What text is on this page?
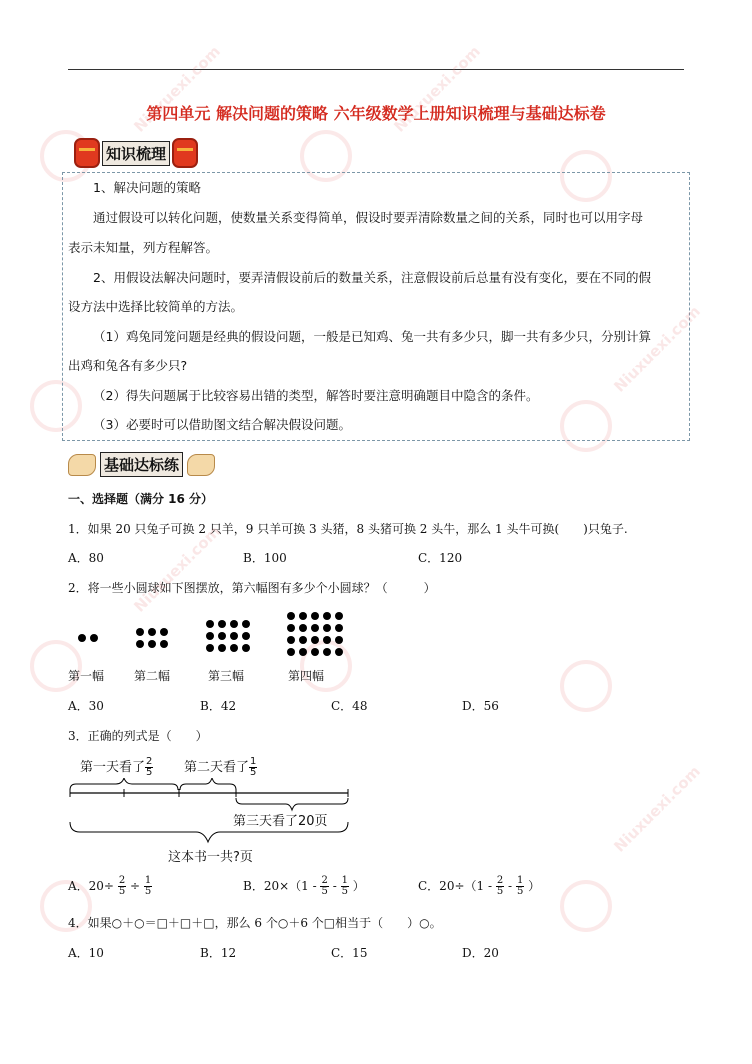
第四单元 解决问题的策略 六年级数学上册知识梳理与基础达标卷
知识梳理
1、解决问题的策略
通过假设可以转化问题，使数量关系变得简单，假设时要弄清除数量之间的关系，同时也可以用字母
表示未知量，列方程解答。
2、用假设法解决问题时，要弄清假设前后的数量关系，注意假设前后总量有没有变化，要在不同的假
设方法中选择比较简单的方法。
（1）鸡兔同笼问题是经典的假设问题，一般是已知鸡、兔一共有多少只，脚一共有多少只，分别计算
出鸡和兔各有多少只?
（2）得失问题属于比较容易出错的类型，解答时要注意明确题目中隐含的条件。
（3）必要时可以借助图文结合解决假设问题。
基础达标练
一、选择题（满分 16 分）
1．如果 20 只兔子可换 2 只羊，9 只羊可换 3 头猪，8 头猪可换 2 头牛，那么 1 头牛可换(　　)只兔子.
A．80	B．100	C．120
2．将一些小圆球如下图摆放，第六幅图有多少个小圆球？（　　　）
第一幅 第二幅	第三幅	第四幅
A．30	B．42	C．48	D．56
3．正确的列式是（　　）
第一天看了 $\frac{2}{5}$ 第二天看了 $\frac{1}{5}$
第三天看了20页
这本书一共?页
A．$20\div \frac{2}{5} \div \frac{1}{5}$	B．$20\times(1 - \frac{2}{5} - \frac{1}{5}$ ）	C．$20\div(1 - \frac{2}{5} - \frac{1}{5}$ ）
4．如果○＋○＝□＋□＋□，那么 6 个○＋6 个□相当于（　　）○。
A．10	B．12	C．15	D．20
Niuxuexi.com	Niuxuexi.com
Niuxuexi.com
Niuxuexi.com
Niuxuexi.com
